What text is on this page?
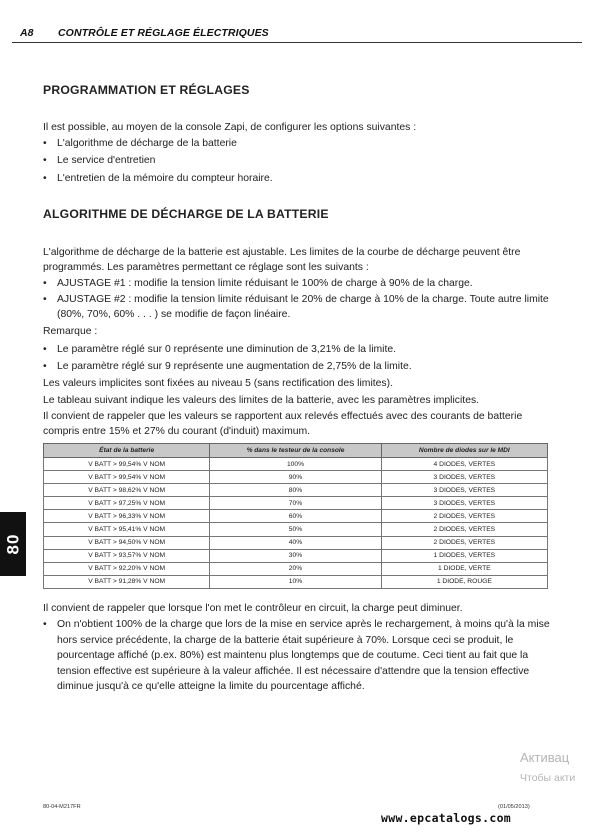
A8 CONTRÔLE ET RÉGLAGE ÉLECTRIQUES
PROGRAMMATION ET RÉGLAGES
Il est possible, au moyen de la console Zapi, de configurer les options suivantes :
• L'algorithme de décharge de la batterie
• Le service d'entretien
• L'entretien de la mémoire du compteur horaire.
ALGORITHME DE DÉCHARGE DE LA BATTERIE
L'algorithme de décharge de la batterie est ajustable. Les limites de la courbe de décharge peuvent être programmés. Les paramètres permettant ce réglage sont les suivants :
• AJUSTAGE #1 : modifie la tension limite réduisant le 100% de charge à 90% de la charge.
• AJUSTAGE #2 : modifie la tension limite réduisant le 20% de charge à 10% de la charge. Toute autre limite (80%, 70%, 60% . . . ) se modifie de façon linéaire.
Remarque :
• Le paramètre réglé sur 0 représente une diminution de 3,21% de la limite.
• Le paramètre réglé sur 9 représente une augmentation de 2,75% de la limite.
Les valeurs implicites sont fixées au niveau 5 (sans rectification des limites).
Le tableau suivant indique les valeurs des limites de la batterie, avec les paramètres implicites.
Il convient de rappeler que les valeurs se rapportent aux relevés effectués avec des courants de batterie compris entre 15% et 27% du courant (d'induit) maximum.
État de la batterie	% dans le testeur de la console	Nombre de diodes sur le MDI
V BATT > 99,54% V NOM	100%	4 DIODES, VERTES
V BATT > 99,54% V NOM	90%	3 DIODES, VERTES
V BATT > 98,62% V NOM	80%	3 DIODES, VERTES
V BATT > 97,25% V NOM	70%	3 DIODES, VERTES
V BATT > 96,33% V NOM	60%	2 DIODES, VERTES
V BATT > 95,41% V NOM	50%	2 DIODES, VERTES
V BATT > 94,50% V NOM	40%	2 DIODES, VERTES
V BATT > 93,57% V NOM	30%	1 DIODES, VERTES
V BATT > 92,20% V NOM	20%	1 DIODE, VERTE
V BATT > 91,28% V NOM	10%	1 DIODE, ROUGE
Il convient de rappeler que lorsque l'on met le contrôleur en circuit, la charge peut diminuer.
• On n'obtient 100% de la charge que lors de la mise en service après le rechargement, à moins qu'à la mise hors service précédente, la charge de la batterie était supérieure à 70%. Lorsque ceci se produit, le pourcentage affiché (p.ex. 80%) est maintenu plus longtemps que de coutume. Ceci tient au fait que la tension effective est supérieure à la valeur affichée. Il est nécessaire d'attendre que la tension effective diminue jusqu'à ce qu'elle atteigne la limite du pourcentage affiché.
80
Активац
Чтобы акти
80-04-M217FR	(01/05/2013)
www.epcatalogs.com
